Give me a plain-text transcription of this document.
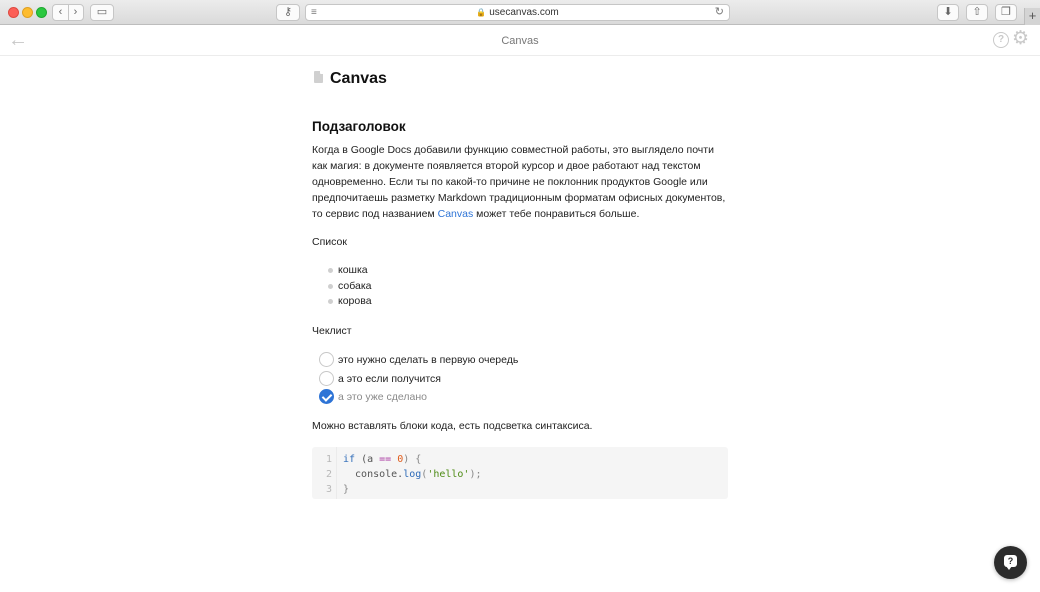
‹ ›	▭	⚷	≡	🔒 usecanvas.com	↻	⬇	⇧	❐	+
←	Canvas	? ⚙
Canvas
Подзаголовок

Когда в Google Docs добавили функцию совместной работы, это выглядело почти как магия: в документе появляется второй курсор и двое работают над текстом одновременно. Если ты по какой-то причине не поклонник продуктов Google или предпочитаешь разметку Markdown традиционным форматам офисных документов, то сервис под названием Canvas может тебе понравиться больше.

Список
кошка
собака
корова
Чеклист
это нужно сделать в первую очередь
а это если получится
а это уже сделано
Можно вставлять блоки кода, есть подсветка синтаксиса.
1 if (a == 0) {
2 console.log('hello');
3 }
?
